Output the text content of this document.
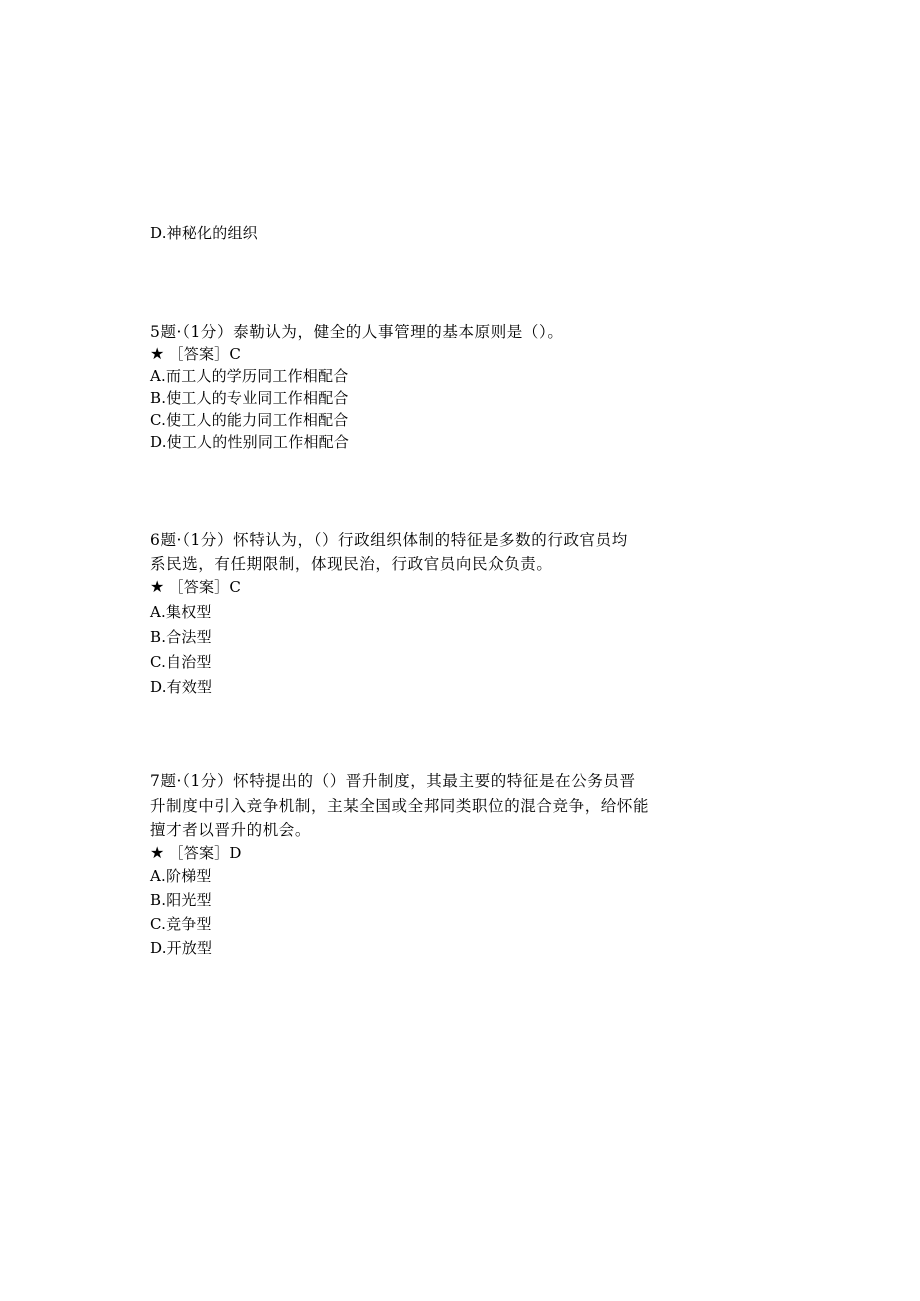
D.神秘化的组织
5题·（1分）泰勒认为，健全的人事管理的基本原则是（）。
★ ［答案］C
A.而工人的学历同工作相配合
B.使工人的专业同工作相配合
C.使工人的能力同工作相配合
D.使工人的性别同工作相配合
6题·（1分）怀特认为，（）行政组织体制的特征是多数的行政官员均
系民选，有任期限制，体现民治，行政官员向民众负责。
★ ［答案］C
A.集权型
B.合法型
C.自治型
D.有效型
7题·（1分）怀特提出的（）晋升制度，其最主要的特征是在公务员晋
升制度中引入竞争机制，主某全国或全邦同类职位的混合竞争，给怀能
擅才者以晋升的机会。
★ ［答案］D
A.阶梯型
B.阳光型
C.竞争型
D.开放型
